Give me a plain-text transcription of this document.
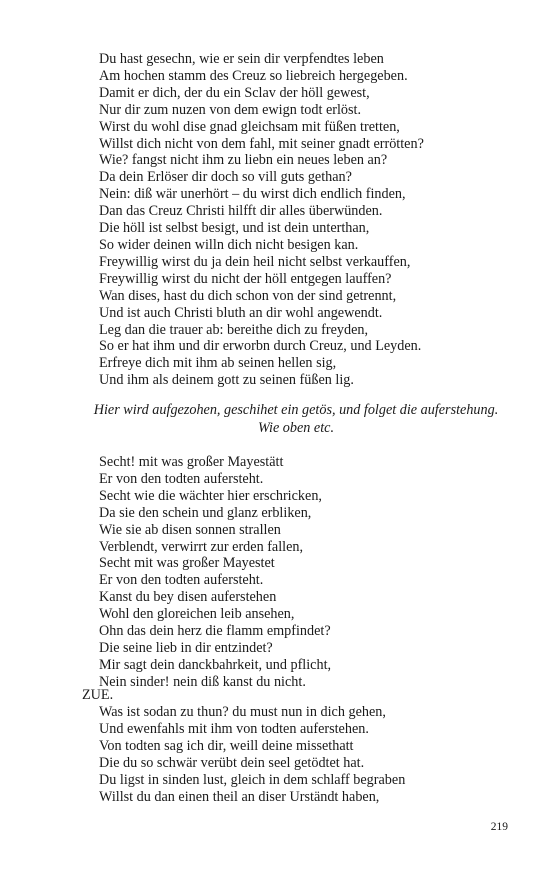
Du hast gesechn, wie er sein dir verpfendtes leben
Am hochen stamm des Creuz so liebreich hergegeben.
Damit er dich, der du ein Sclav der höll gewest,
Nur dir zum nuzen von dem ewign todt erlöst.
Wirst du wohl dise gnad gleichsam mit füßen tretten,
Willst dich nicht von dem fahl, mit seiner gnadt errötten?
Wie? fangst nicht ihm zu liebn ein neues leben an?
Da dein Erlöser dir doch so vill guts gethan?
Nein: diß wär unerhört – du wirst dich endlich finden,
Dan das Creuz Christi hilfft dir alles überwünden.
Die höll ist selbst besigt, und ist dein unterthan,
So wider deinen willn dich nicht besigen kan.
Freywillig wirst du ja dein heil nicht selbst verkauffen,
Freywillig wirst du nicht der höll entgegen lauffen?
Wan dises, hast du dich schon von der sind getrennt,
Und ist auch Christi bluth an dir wohl angewendt.
Leg dan die trauer ab: bereithe dich zu freyden,
So er hat ihm und dir erworbn durch Creuz, und Leyden.
Erfreye dich mit ihm ab seinen hellen sig,
Und ihm als deinem gott zu seinen füßen lig.
Hier wird aufgezohen, geschihet ein getös, und folget die auferstehung.
Wie oben etc.
Secht! mit was großer Mayestätt
Er von den todten aufersteht.
Secht wie die wächter hier erschricken,
Da sie den schein und glanz erbliken,
Wie sie ab disen sonnen strallen
Verblendt, verwirrt zur erden fallen,
Secht mit was großer Mayestet
Er von den todten aufersteht.
Kanst du bey disen auferstehen
Wohl den gloreichen leib ansehen,
Ohn das dein herz die flamm empfindet?
Die seine lieb in dir entzindet?
Mir sagt dein danckbahrkeit, und pflicht,
Nein sinder! nein diß kanst du nicht.
ZUE.
Was ist sodan zu thun? du must nun in dich gehen,
Und ewenfahls mit ihm von todten auferstehen.
Von todten sag ich dir, weill deine missethatt
Die du so schwär verübt dein seel getödtet hat.
Du ligst in sinden lust, gleich in dem schlaff begraben
Willst du dan einen theil an diser Urständt haben,
219
